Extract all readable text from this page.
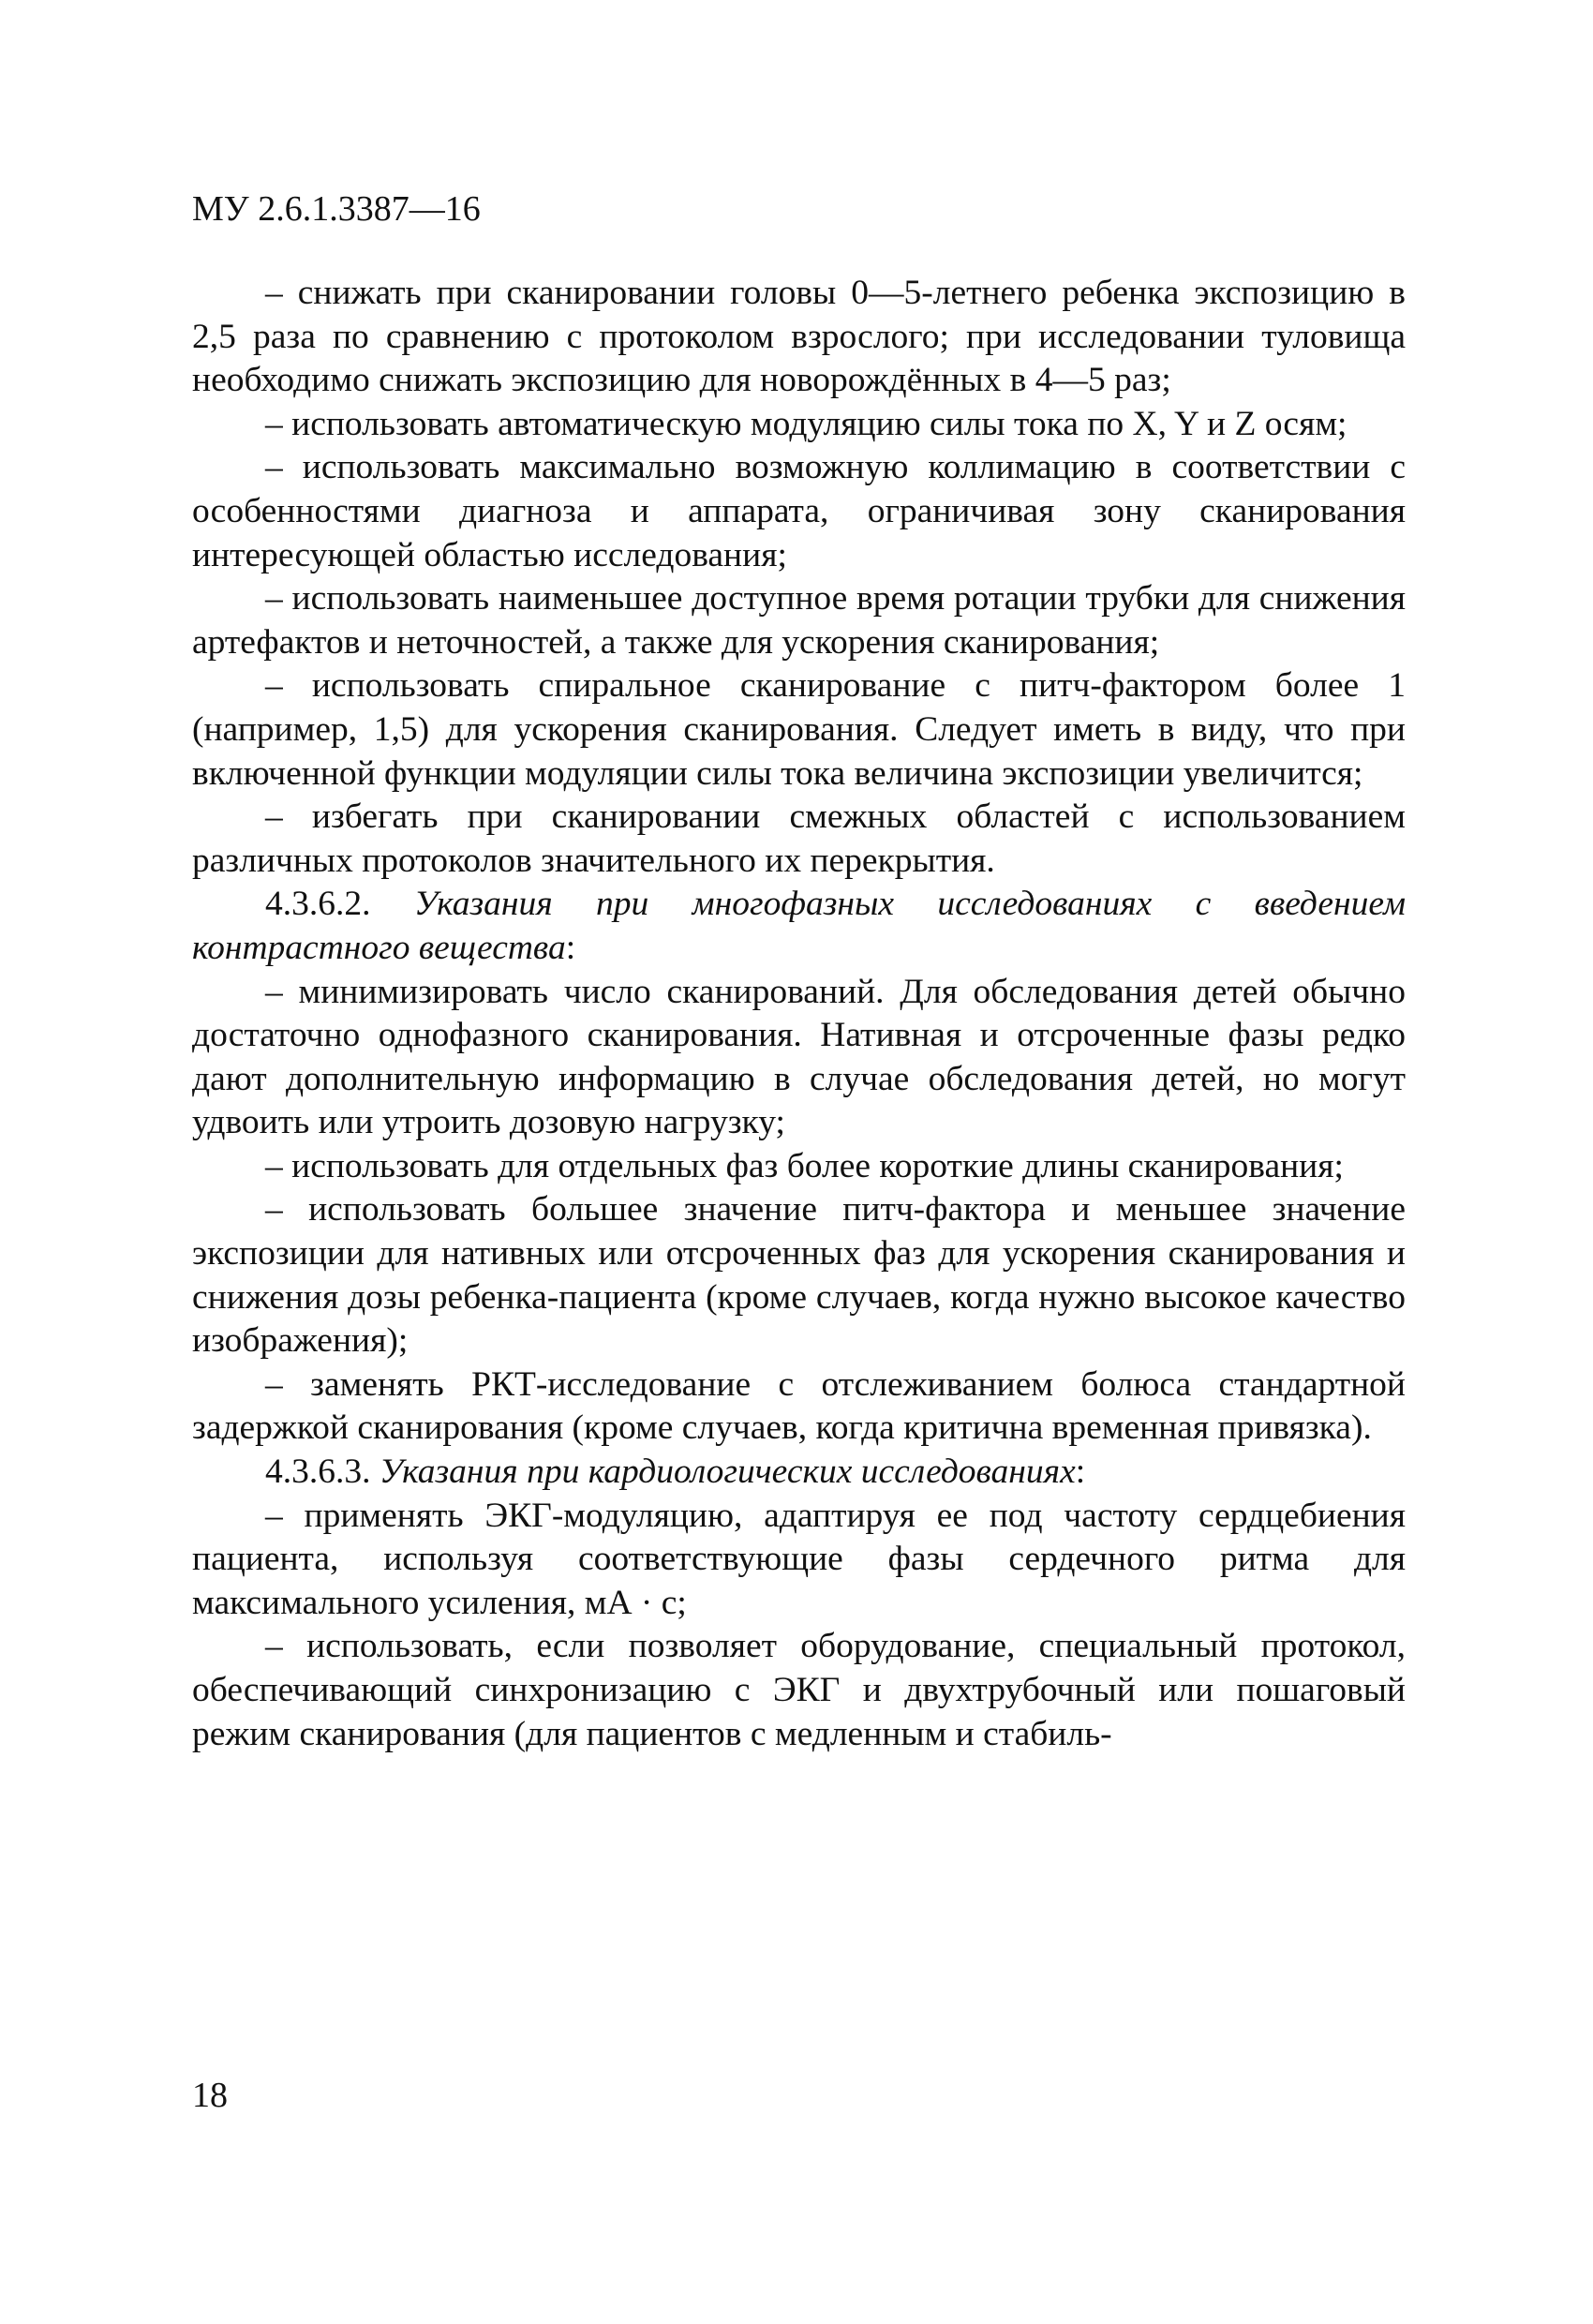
МУ 2.6.1.3387—16

– снижать при сканировании головы 0—5-летнего ребенка экспозицию в 2,5 раза по сравнению с протоколом взрослого; при исследовании туловища необходимо снижать экспозицию для новорождённых в 4—5 раз;

– использовать автоматическую модуляцию силы тока по X, Y и Z осям;

– использовать максимально возможную коллимацию в соответствии с особенностями диагноза и аппарата, ограничивая зону сканирования интересующей областью исследования;

– использовать наименьшее доступное время ротации трубки для снижения артефактов и неточностей, а также для ускорения сканирования;

– использовать спиральное сканирование с питч-фактором более 1 (например, 1,5) для ускорения сканирования. Следует иметь в виду, что при включенной функции модуляции силы тока величина экспозиции увеличится;

– избегать при сканировании смежных областей с использованием различных протоколов значительного их перекрытия.

4.3.6.2. Указания при многофазных исследованиях с введением контрастного вещества:

– минимизировать число сканирований. Для обследования детей обычно достаточно однофазного сканирования. Нативная и отсроченные фазы редко дают дополнительную информацию в случае обследования детей, но могут удвоить или утроить дозовую нагрузку;

– использовать для отдельных фаз более короткие длины сканирования;

– использовать большее значение питч-фактора и меньшее значение экспозиции для нативных или отсроченных фаз для ускорения сканирования и снижения дозы ребенка-пациента (кроме случаев, когда нужно высокое качество изображения);

– заменять РКТ-исследование с отслеживанием болюса стандартной задержкой сканирования (кроме случаев, когда критична временная привязка).

4.3.6.3. Указания при кардиологических исследованиях:

– применять ЭКГ-модуляцию, адаптируя ее под частоту сердцебиения пациента, используя соответствующие фазы сердечного ритма для максимального усиления, мА · с;

– использовать, если позволяет оборудование, специальный протокол, обеспечивающий синхронизацию с ЭКГ и двухтрубочный или пошаговый режим сканирования (для пациентов с медленным и стабиль-

18
